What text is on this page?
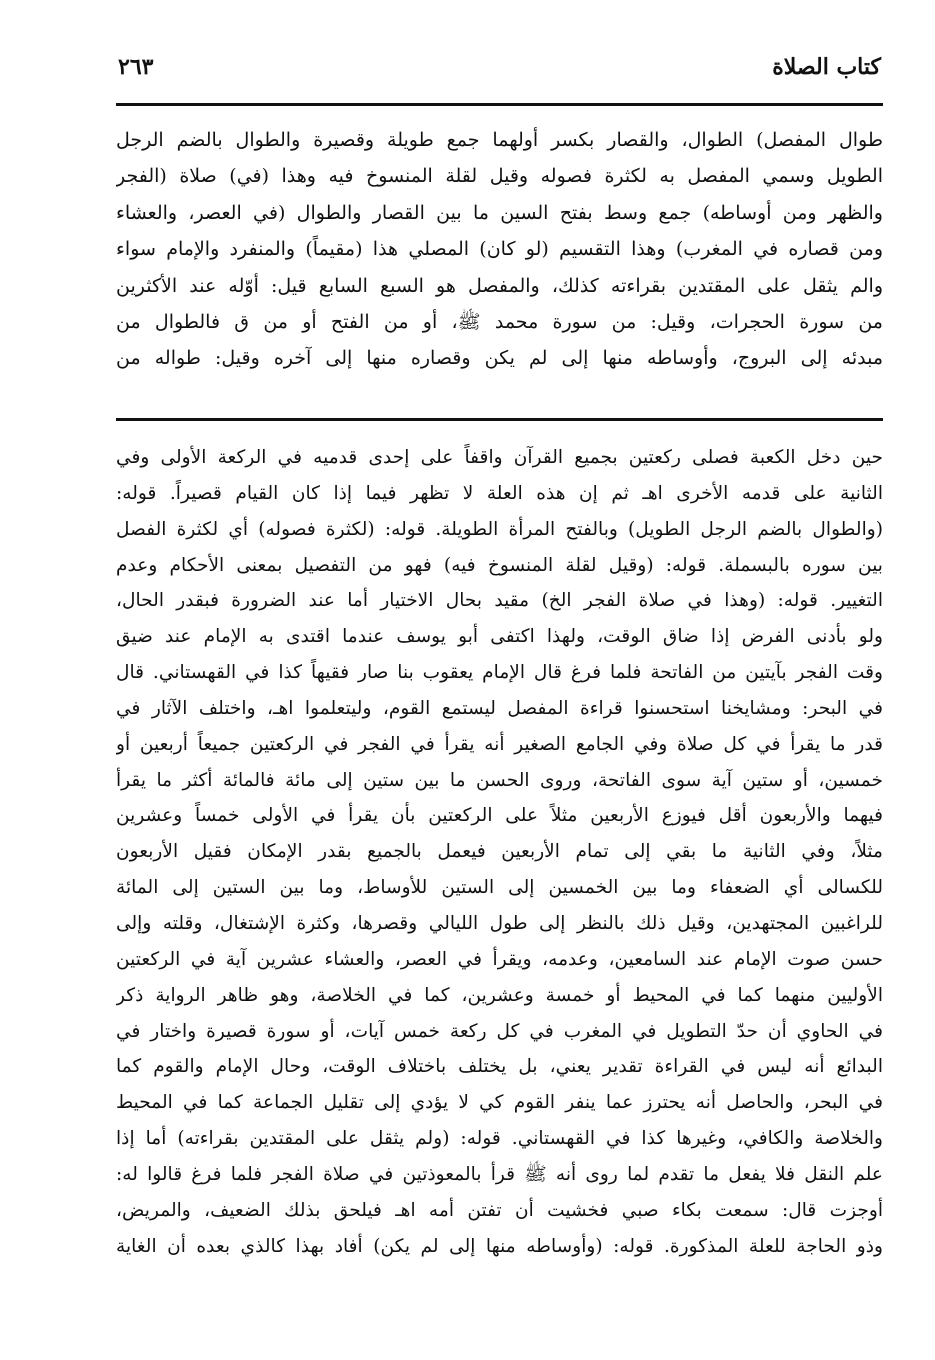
كتاب الصلاة
٢٦٣
طوال المفصل) الطوال، والقصار بكسر أولهما جمع طويلة وقصيرة والطوال بالضم الرجل
الطويل وسمي المفصل به لكثرة فصوله وقيل لقلة المنسوخ فيه وهذا (في) صلاة (الفجر
والظهر ومن أوساطه) جمع وسط بفتح السين ما بين القصار والطوال (في العصر، والعشاء
ومن قصاره في المغرب) وهذا التقسيم (لو كان) المصلي هذا (مقيماً) والمنفرد والإمام سواء
والم يثقل على المقتدين بقراءته كذلك، والمفصل هو السبع السابع قيل: أوّله عند الأكثرين
من سورة الحجرات، وقيل: من سورة محمد ﷺ، أو من الفتح أو من ق فالطوال من
مبدئه إلى البروج، وأوساطه منها إلى لم يكن وقصاره منها إلى آخره وقيل: طواله من
حين دخل الكعبة فصلى ركعتين بجميع القرآن واقفاً على إحدى قدميه في الركعة الأولى وفي
الثانية على قدمه الأخرى اهـ ثم إن هذه العلة لا تظهر فيما إذا كان القيام قصيراً. قوله:
(والطوال بالضم الرجل الطويل) وبالفتح المرأة الطويلة. قوله: (لكثرة فصوله) أي لكثرة الفصل
بين سوره بالبسملة. قوله: (وقيل لقلة المنسوخ فيه) فهو من التفصيل بمعنى الأحكام وعدم
التغيير. قوله: (وهذا في صلاة الفجر الخ) مقيد بحال الاختيار أما عند الضرورة فبقدر الحال،
ولو بأدنى الفرض إذا ضاق الوقت، ولهذا اكتفى أبو يوسف عندما اقتدى به الإمام عند ضيق
وقت الفجر بآيتين من الفاتحة فلما فرغ قال الإمام يعقوب بنا صار فقيهاً كذا في القهستاني. قال
في البحر: ومشايخنا استحسنوا قراءة المفصل ليستمع القوم، وليتعلموا اهـ، واختلف الآثار في
قدر ما يقرأ في كل صلاة وفي الجامع الصغير أنه يقرأ في الفجر في الركعتين جميعاً أربعين أو
خمسين، أو ستين آية سوى الفاتحة، وروى الحسن ما بين ستين إلى مائة فالمائة أكثر ما يقرأ
فيهما والأربعون أقل فيوزع الأربعين مثلاً على الركعتين بأن يقرأ في الأولى خمساً وعشرين
مثلاً، وفي الثانية ما بقي إلى تمام الأربعين فيعمل بالجميع بقدر الإمكان فقيل الأربعون
للكسالى أي الضعفاء وما بين الخمسين إلى الستين للأوساط، وما بين الستين إلى المائة
للراغبين المجتهدين، وقيل ذلك بالنظر إلى طول الليالي وقصرها، وكثرة الإشتغال، وقلته وإلى
حسن صوت الإمام عند السامعين، وعدمه، ويقرأ في العصر، والعشاء عشرين آية في الركعتين
الأوليين منهما كما في المحيط أو خمسة وعشرين، كما في الخلاصة، وهو ظاهر الرواية ذكر
في الحاوي أن حدّ التطويل في المغرب في كل ركعة خمس آيات، أو سورة قصيرة واختار في
البدائع أنه ليس في القراءة تقدير يعني، بل يختلف باختلاف الوقت، وحال الإمام والقوم كما
في البحر، والحاصل أنه يحترز عما ينفر القوم كي لا يؤدي إلى تقليل الجماعة كما في المحيط
والخلاصة والكافي، وغيرها كذا في القهستاني. قوله: (ولم يثقل على المقتدين بقراءته) أما إذا
علم النقل فلا يفعل ما تقدم لما روى أنه ﷺ قرأ بالمعوذتين في صلاة الفجر فلما فرغ قالوا له:
أوجزت قال: سمعت بكاء صبي فخشيت أن تفتن أمه اهـ فيلحق بذلك الضعيف، والمريض،
وذو الحاجة للعلة المذكورة. قوله: (وأوساطه منها إلى لم يكن) أفاد بهذا كالذي بعده أن الغاية
